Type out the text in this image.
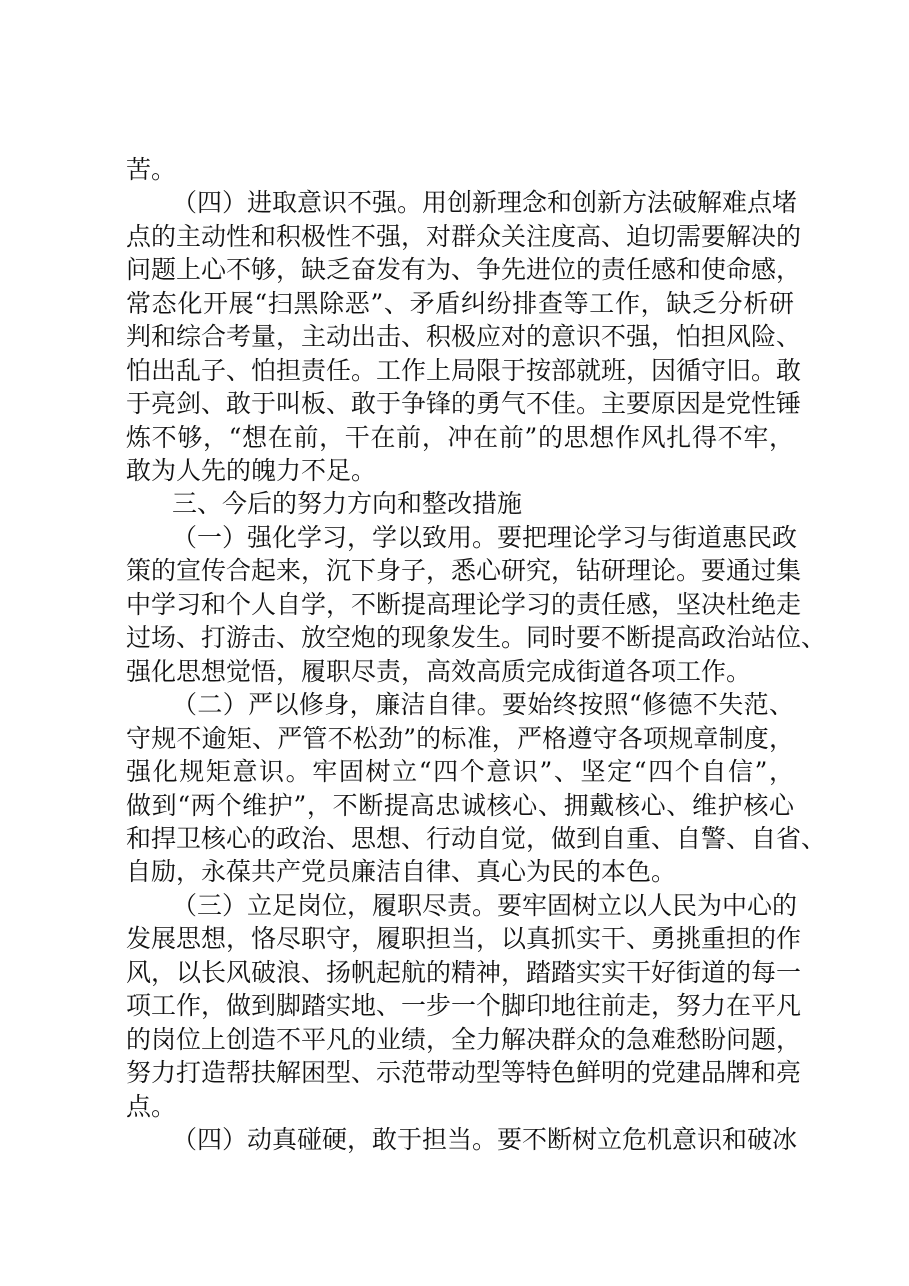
苦。
（四）进取意识不强。用创新理念和创新方法破解难点堵
点的主动性和积极性不强，对群众关注度高、迫切需要解决的
问题上心不够，缺乏奋发有为、争先进位的责任感和使命感，
常态化开展“扫黑除恶”、矛盾纠纷排查等工作，缺乏分析研
判和综合考量，主动出击、积极应对的意识不强，怕担风险、
怕出乱子、怕担责任。工作上局限于按部就班，因循守旧。敢
于亮剑、敢于叫板、敢于争锋的勇气不佳。主要原因是党性锤
炼不够，“想在前，干在前，冲在前”的思想作风扎得不牢，
敢为人先的魄力不足。
三、今后的努力方向和整改措施
（一）强化学习，学以致用。要把理论学习与街道惠民政
策的宣传合起来，沉下身子，悉心研究，钻研理论。要通过集
中学习和个人自学，不断提高理论学习的责任感，坚决杜绝走
过场、打游击、放空炮的现象发生。同时要不断提高政治站位、
强化思想觉悟，履职尽责，高效高质完成街道各项工作。
（二）严以修身，廉洁自律。要始终按照“修德不失范、
守规不逾矩、严管不松劲”的标准，严格遵守各项规章制度，
强化规矩意识。牢固树立“四个意识”、坚定“四个自信”，
做到“两个维护”，不断提高忠诚核心、拥戴核心、维护核心
和捍卫核心的政治、思想、行动自觉，做到自重、自警、自省、
自励，永葆共产党员廉洁自律、真心为民的本色。
（三）立足岗位，履职尽责。要牢固树立以人民为中心的
发展思想，恪尽职守，履职担当，以真抓实干、勇挑重担的作
风，以长风破浪、扬帆起航的精神，踏踏实实干好街道的每一
项工作，做到脚踏实地、一步一个脚印地往前走，努力在平凡
的岗位上创造不平凡的业绩，全力解决群众的急难愁盼问题，
努力打造帮扶解困型、示范带动型等特色鲜明的党建品牌和亮
点。
（四）动真碰硬，敢于担当。要不断树立危机意识和破冰
